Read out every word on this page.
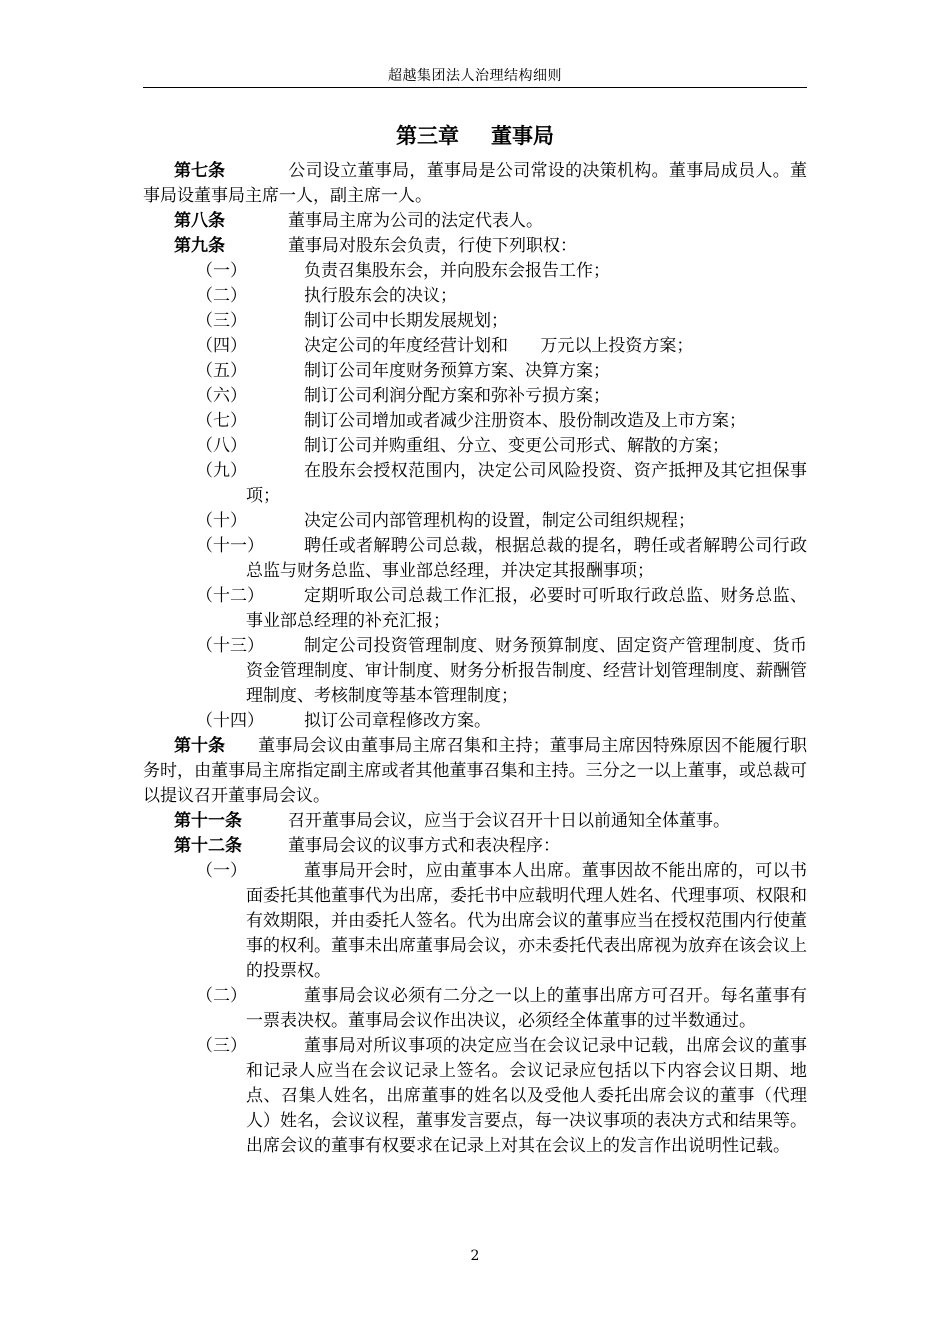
超越集团法人治理结构细则
第三章 董事局

第七条	公司设立董事局，董事局是公司常设的决策机构。董事局成员人。董事局设董事局主席一人，副主席一人。

第八条	董事局主席为公司的法定代表人。

第九条	董事局对股东会负责，行使下列职权：

（一）	负责召集股东会，并向股东会报告工作；
（二）	执行股东会的决议；
（三）	制订公司中长期发展规划；
（四）	决定公司的年度经营计划和      万元以上投资方案；
（五）	制订公司年度财务预算方案、决算方案；
（六）	制订公司利润分配方案和弥补亏损方案；
（七）	制订公司增加或者减少注册资本、股份制改造及上市方案；
（八）	制订公司并购重组、分立、变更公司形式、解散的方案；
（九）	在股东会授权范围内，决定公司风险投资、资产抵押及其它担保事项；
（十）	决定公司内部管理机构的设置，制定公司组织规程；
（十一）	聘任或者解聘公司总裁，根据总裁的提名，聘任或者解聘公司行政总监与财务总监、事业部总经理，并决定其报酬事项；
（十二）	定期听取公司总裁工作汇报，必要时可听取行政总监、财务总监、事业部总经理的补充汇报；
（十三）	制定公司投资管理制度、财务预算制度、固定资产管理制度、货币资金管理制度、审计制度、财务分析报告制度、经营计划管理制度、薪酬管理制度、考核制度等基本管理制度；
（十四）	拟订公司章程修改方案。

第十条 董事局会议由董事局主席召集和主持；董事局主席因特殊原因不能履行职务时，由董事局主席指定副主席或者其他董事召集和主持。三分之一以上董事，或总裁可以提议召开董事局会议。

第十一条	召开董事局会议，应当于会议召开十日以前通知全体董事。

第十二条	董事局会议的议事方式和表决程序：

（一）	董事局开会时，应由董事本人出席。董事因故不能出席的，可以书面委托其他董事代为出席，委托书中应载明代理人姓名、代理事项、权限和有效期限，并由委托人签名。代为出席会议的董事应当在授权范围内行使董事的权利。董事未出席董事局会议，亦未委托代表出席视为放弃在该会议上的投票权。
（二）	董事局会议必须有二分之一以上的董事出席方可召开。每名董事有一票表决权。董事局会议作出决议，必须经全体董事的过半数通过。
（三）	董事局对所议事项的决定应当在会议记录中记载，出席会议的董事和记录人应当在会议记录上签名。会议记录应包括以下内容会议日期、地点、召集人姓名，出席董事的姓名以及受他人委托出席会议的董事（代理人）姓名，会议议程，董事发言要点，每一决议事项的表决方式和结果等。出席会议的董事有权要求在记录上对其在会议上的发言作出说明性记载。
2
